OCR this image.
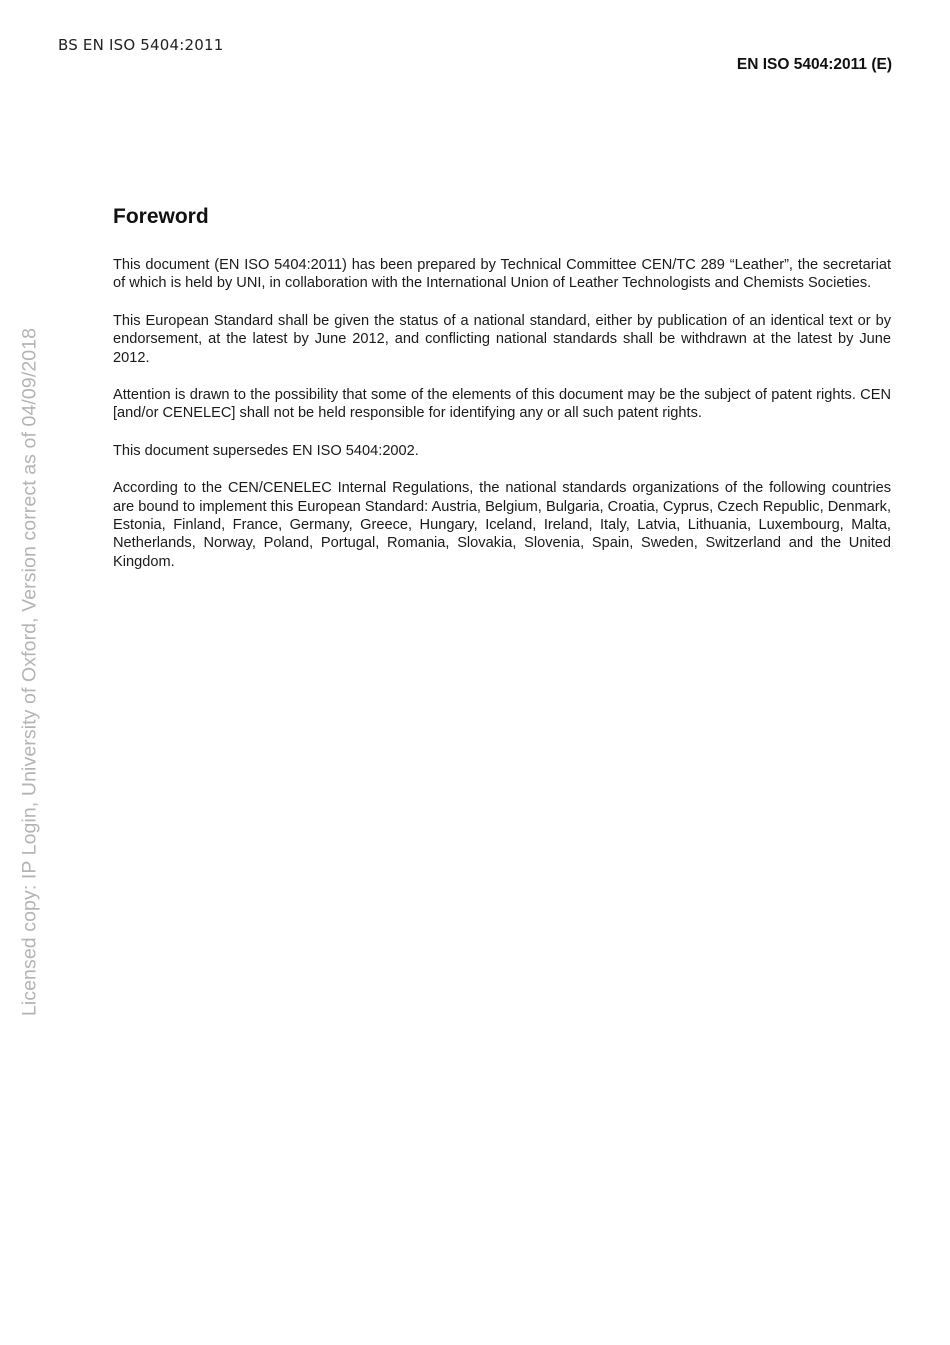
BS EN ISO 5404:2011
EN ISO 5404:2011 (E)
Licensed copy: IP Login, University of Oxford, Version correct as of 04/09/2018
Foreword

This document (EN ISO 5404:2011) has been prepared by Technical Committee CEN/TC 289 “Leather”, the secretariat of which is held by UNI, in collaboration with the International Union of Leather Technologists and Chemists Societies.

This European Standard shall be given the status of a national standard, either by publication of an identical text or by endorsement, at the latest by June 2012, and conflicting national standards shall be withdrawn at the latest by June 2012.

Attention is drawn to the possibility that some of the elements of this document may be the subject of patent rights. CEN [and/or CENELEC] shall not be held responsible for identifying any or all such patent rights.

This document supersedes EN ISO 5404:2002.

According to the CEN/CENELEC Internal Regulations, the national standards organizations of the following countries are bound to implement this European Standard: Austria, Belgium, Bulgaria, Croatia, Cyprus, Czech Republic, Denmark, Estonia, Finland, France, Germany, Greece, Hungary, Iceland, Ireland, Italy, Latvia, Lithuania, Luxembourg, Malta, Netherlands, Norway, Poland, Portugal, Romania, Slovakia, Slovenia, Spain, Sweden, Switzerland and the United Kingdom.
